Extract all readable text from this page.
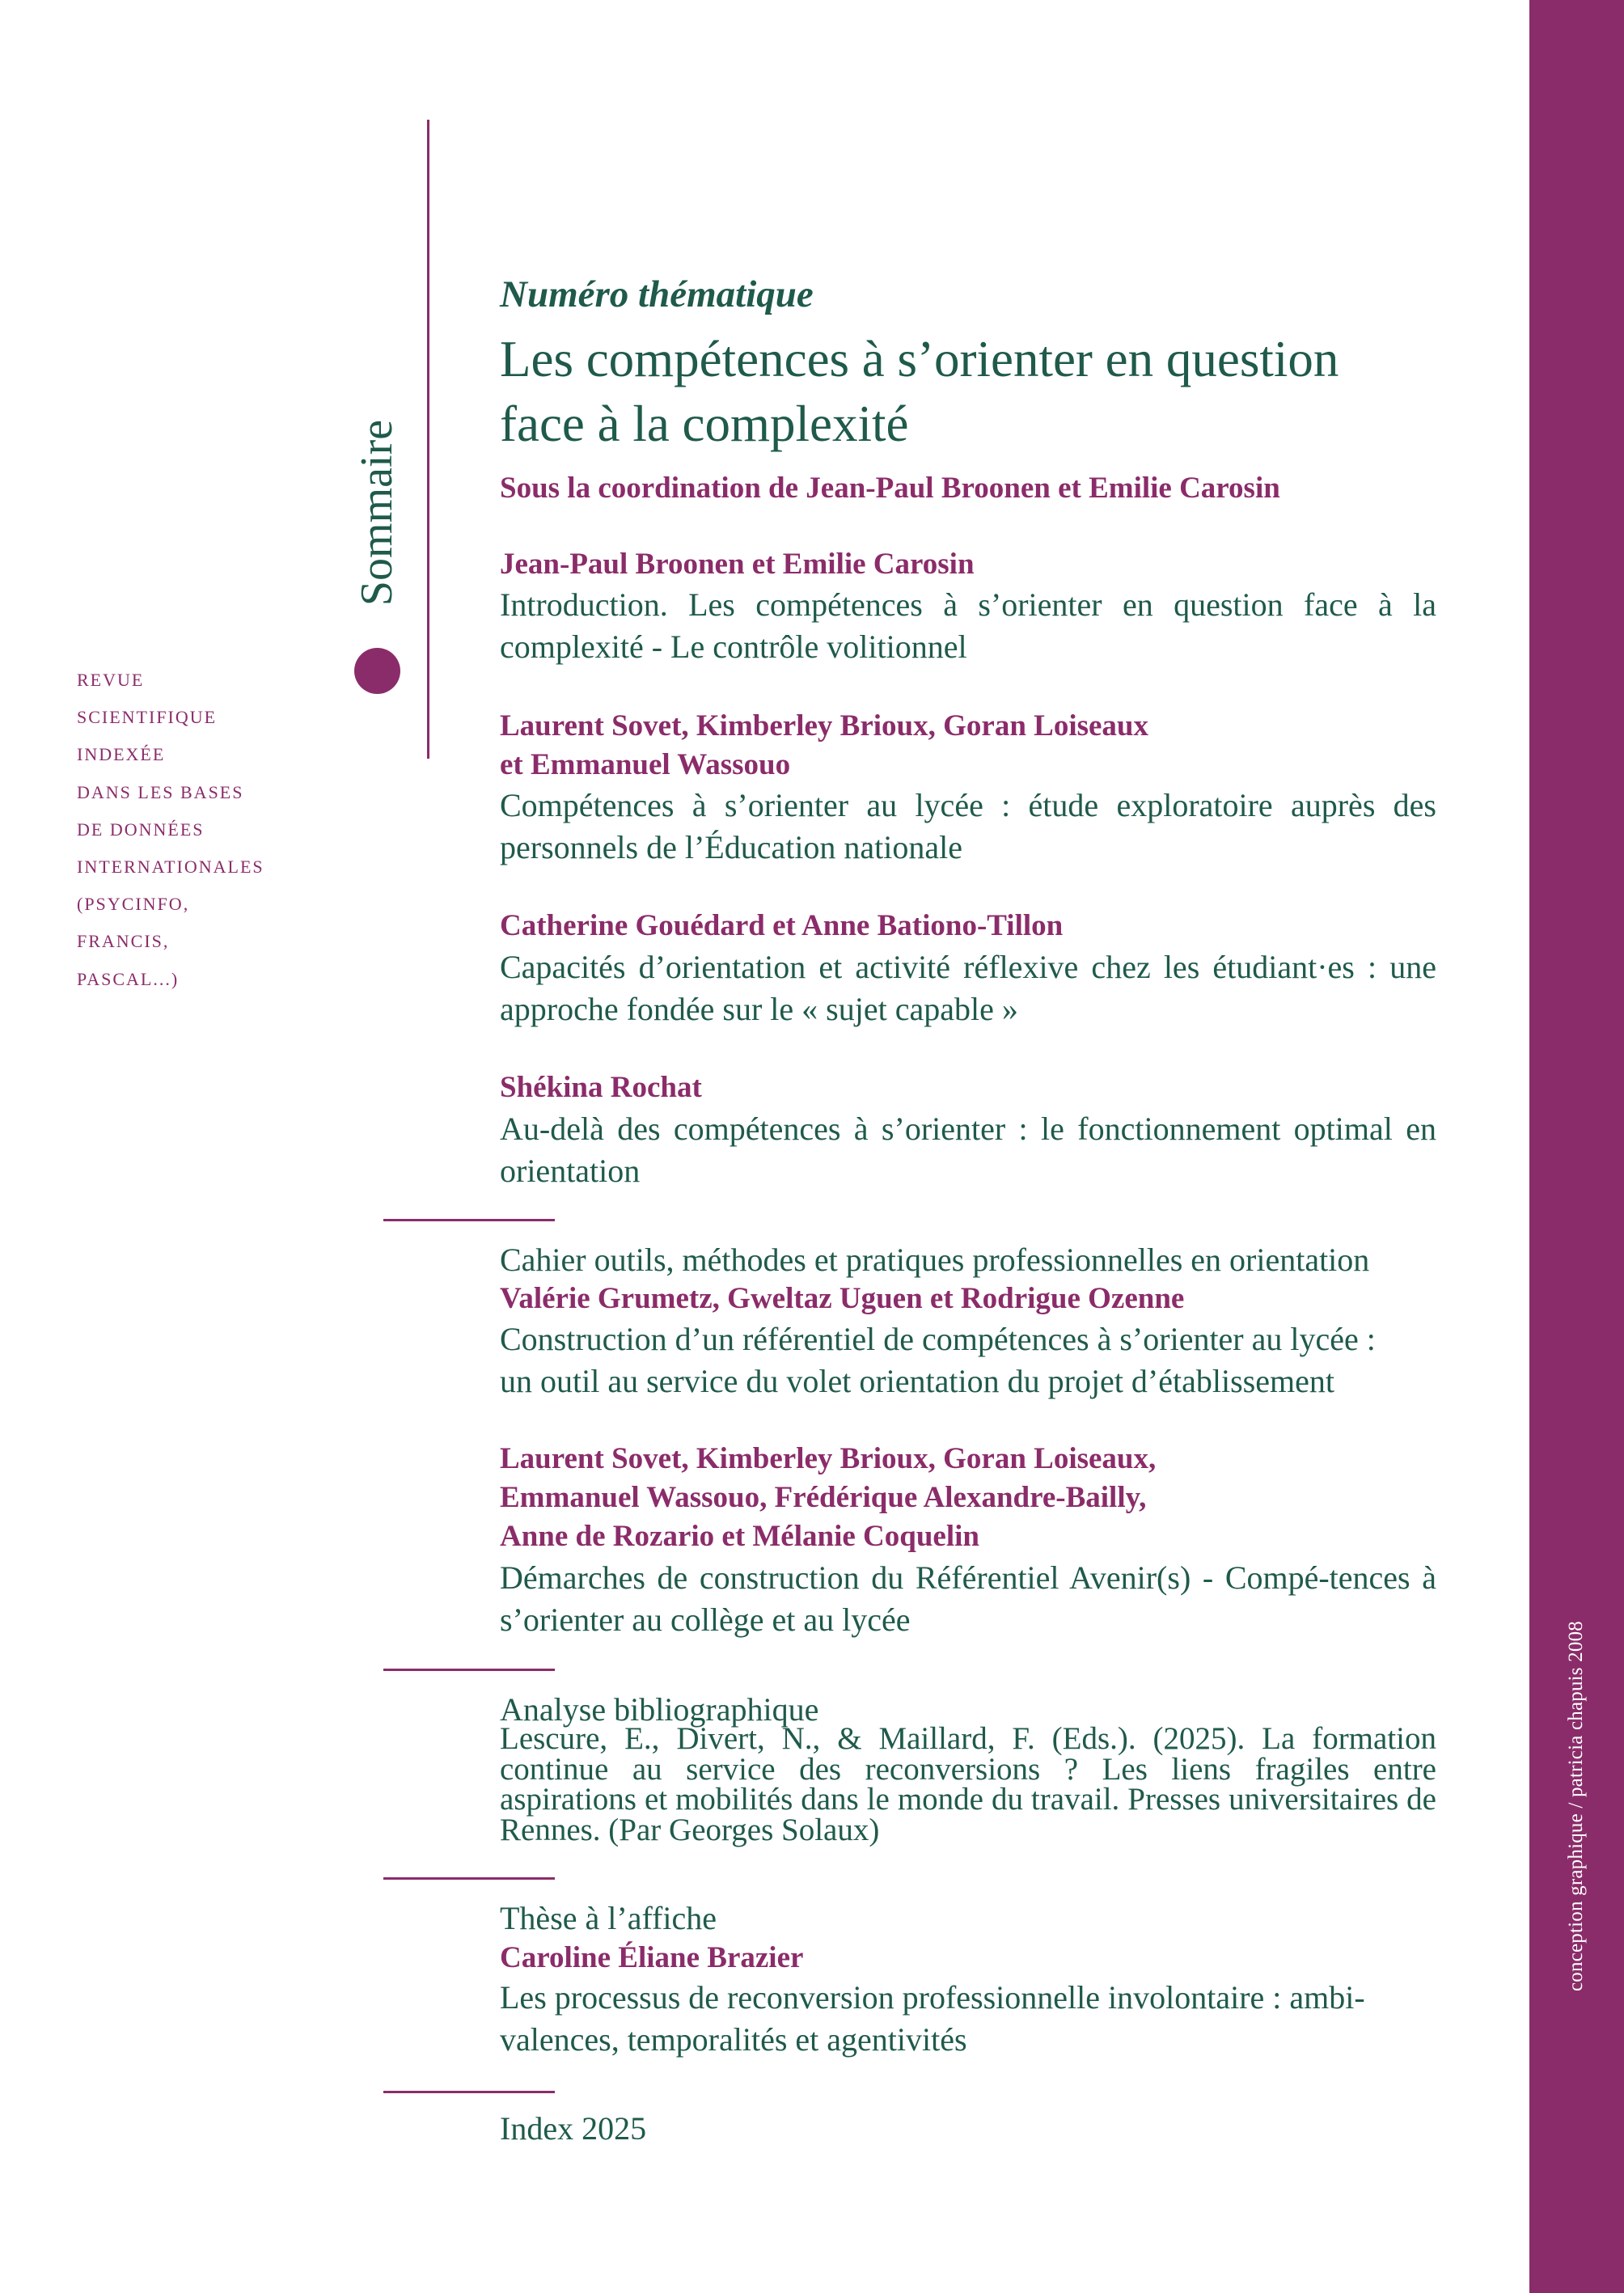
conception graphique / patricia chapuis 2008
Sommaire
REVUE
SCIENTIFIQUE
INDEXÉE
DANS LES BASES
DE DONNÉES
INTERNATIONALES
(PSYCINFO,
FRANCIS,
PASCAL...)

Numéro thématique

Les compétences à s’orienter en question
face à la complexité

Sous la coordination de Jean-Paul Broonen et Emilie Carosin

Jean-Paul Broonen et Emilie Carosin

Introduction. Les compétences à s’orienter en question face à la complexité - Le contrôle volitionnel

Laurent Sovet, Kimberley Brioux, Goran Loiseaux

et Emmanuel Wassouo

Compétences à s’orienter au lycée : étude exploratoire auprès des personnels de l’Éducation nationale

Catherine Gouédard et Anne Bationo-Tillon

Capacités d’orientation et activité réflexive chez les étudiant·es : une approche fondée sur le « sujet capable »

Shékina Rochat

Au-delà des compétences à s’orienter : le fonctionnement optimal en orientation

Cahier outils, méthodes et pratiques professionnelles en orientation

Valérie Grumetz, Gweltaz Uguen et Rodrigue Ozenne

Construction d’un référentiel de compétences à s’orienter au lycée :
un outil au service du volet orientation du projet d’établissement

Laurent Sovet, Kimberley Brioux, Goran Loiseaux,

Emmanuel Wassouo, Frédérique Alexandre-Bailly,

Anne de Rozario et Mélanie Coquelin

Démarches de construction du Référentiel Avenir(s) - Compé-tences à s’orienter au collège et au lycée

Analyse bibliographique

Lescure, E., Divert, N., & Maillard, F. (Eds.). (2025). La formation continue au service des reconversions ? Les liens fragiles entre aspirations et mobilités dans le monde du travail. Presses universitaires de Rennes. (Par Georges Solaux)

Thèse à l’affiche

Caroline Éliane Brazier

Les processus de reconversion professionnelle involontaire : ambi-
valences, temporalités et agentivités

Index 2025
